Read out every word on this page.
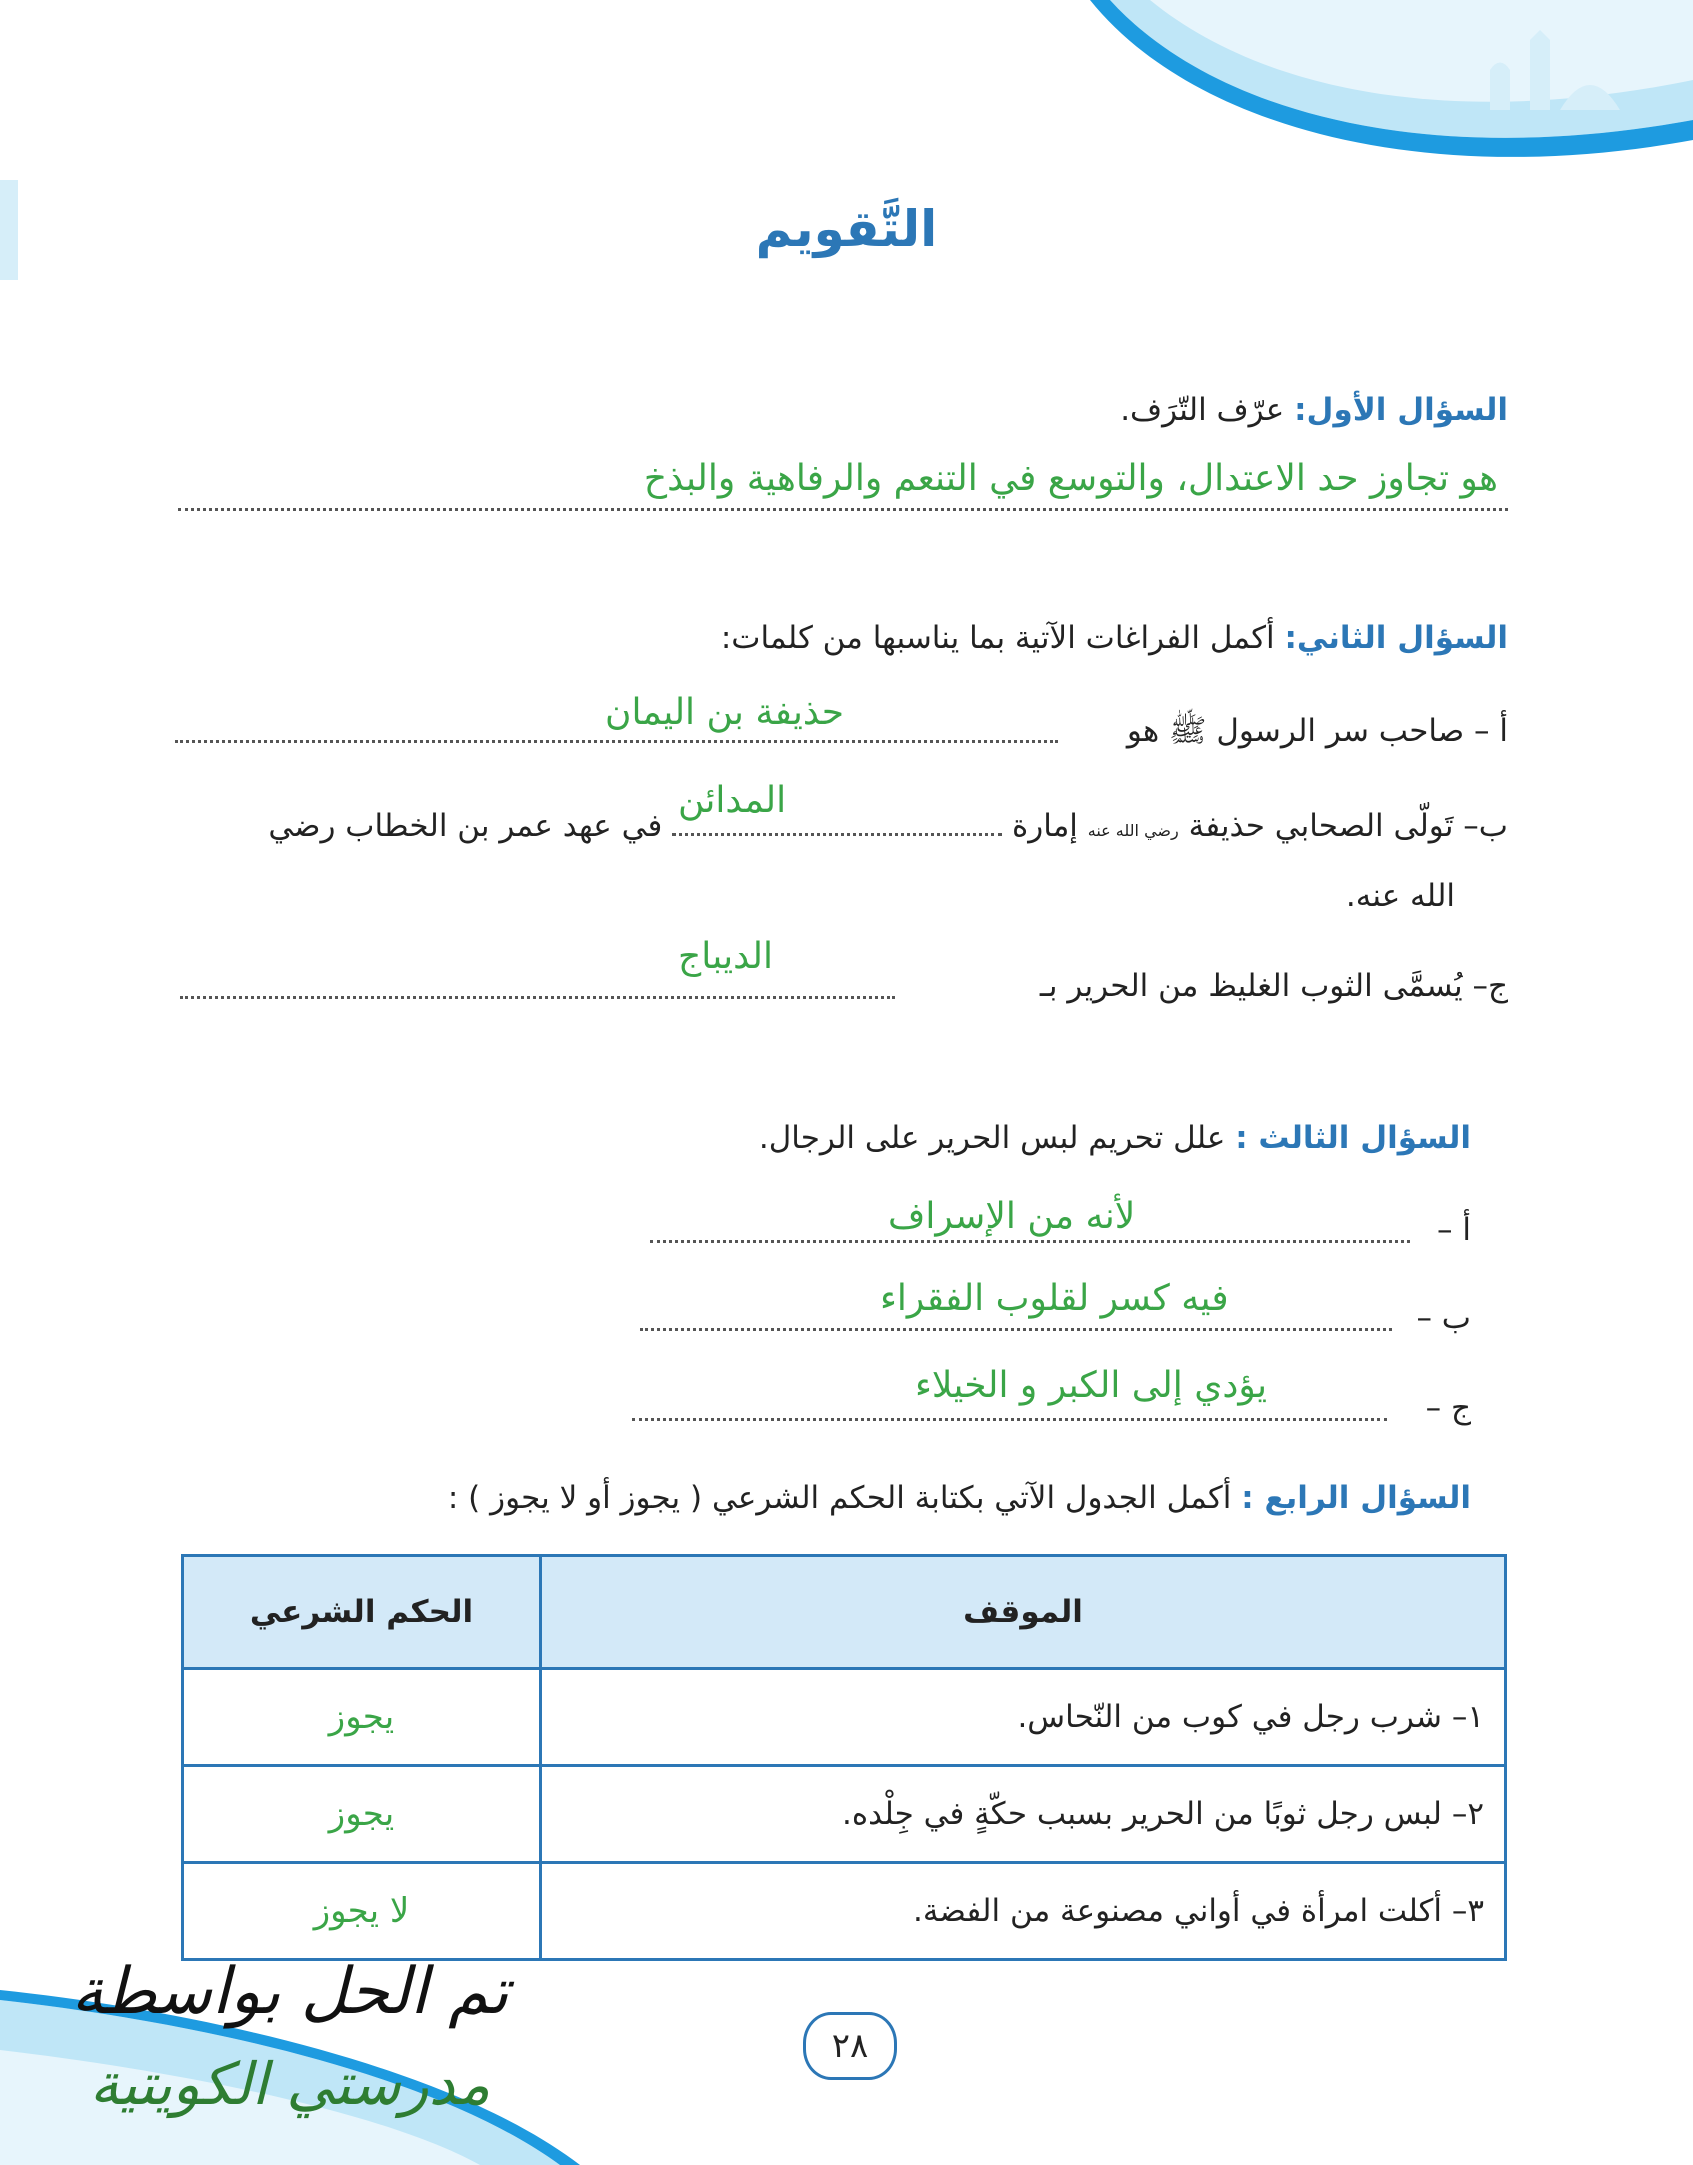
التَّقويم
السؤال الأول: عرّف التّرَف.
هو تجاوز حد الاعتدال، والتوسع في التنعم والرفاهية والبذخ
السؤال الثاني: أكمل الفراغات الآتية بما يناسبها من كلمات:
أ – صاحب سر الرسول ﷺ هو
حذيفة بن اليمان
ب– تَولّى الصحابي حذيفة رضي الله عنه إمارة  في عهد عمر بن الخطاب رضي
المدائن
الله عنه.
ج– يُسمَّى الثوب الغليظ من الحرير بـ
الديباج
السؤال الثالث : علل تحريم لبس الحرير على الرجال.
أ –
لأنه من الإسراف
ب –
فيه كسر لقلوب الفقراء
ج –
يؤدي إلى الكبر و الخيلاء
السؤال الرابع : أكمل الجدول الآتي بكتابة الحكم الشرعي ( يجوز أو لا يجوز ) :
الموقف	الحكم الشرعي
١– شرب رجل في كوب من النّحاس.	يجوز
٢– لبس رجل ثوبًا من الحرير بسبب حكّةٍ في جِلْده.	يجوز
٣– أكلت امرأة في أواني مصنوعة من الفضة.	لا يجوز
٢٨
تم الحل بواسطة
مدرستي الكويتية
